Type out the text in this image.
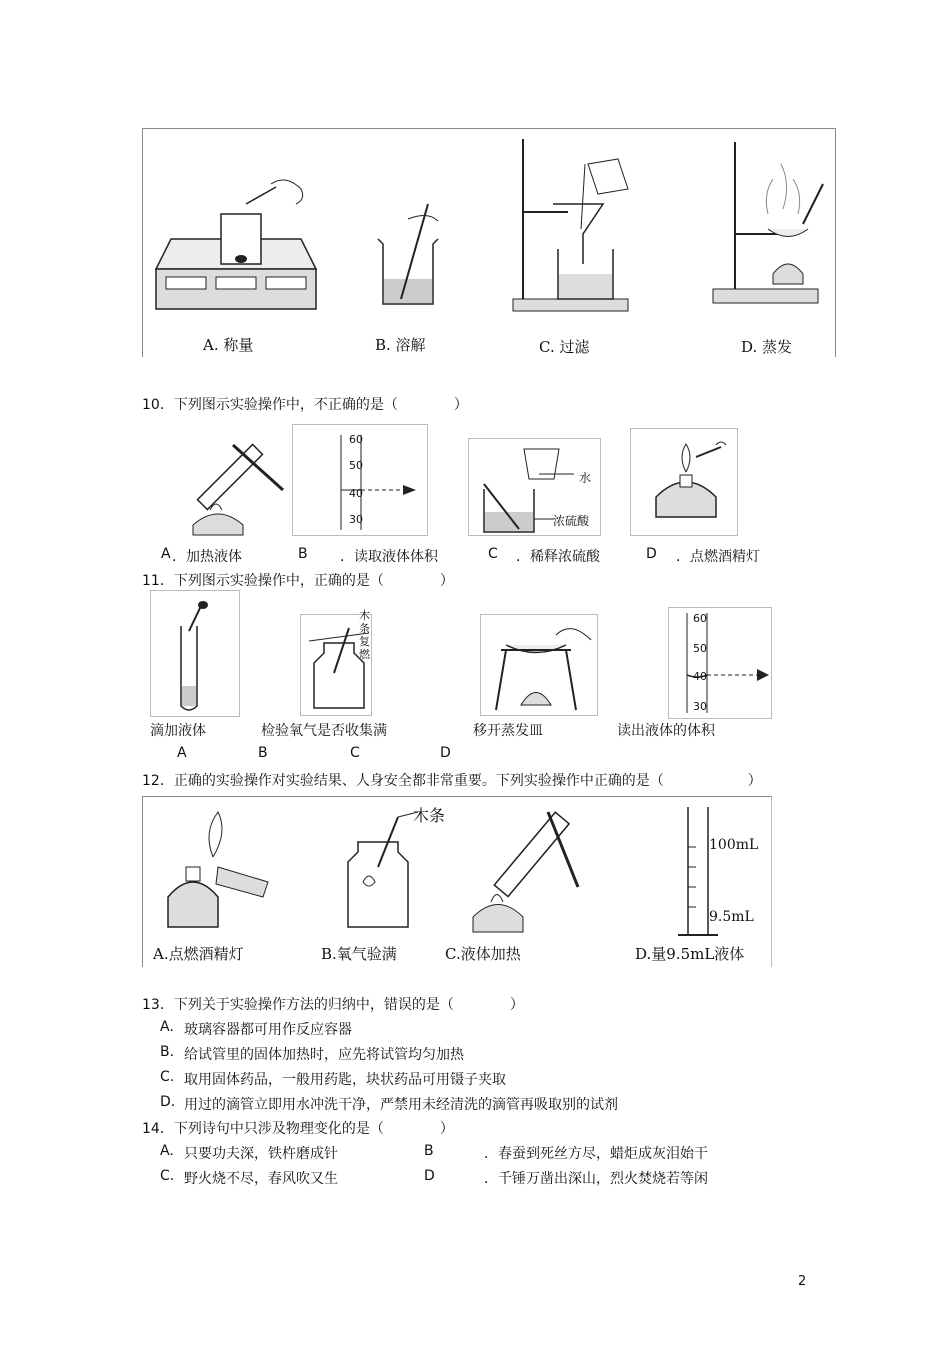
A. 称量	B. 溶解	C. 过滤	D. 蒸发
10．下列图示实验操作中，不正确的是（　　　　）
60
50
40
30
水
浓硫酸
A ．加热液体	B ．读取液体体积	C ．稀释浓硫酸	D ．点燃酒精灯
11．下列图示实验操作中，正确的是（　　　　）
木条复燃
60
50
40
30
滴加液体	检验氧气是否收集满	移开蒸发皿	读出液体的体积
A	B	C	D
12．正确的实验操作对实验结果、人身安全都非常重要。下列实验操作中正确的是（　　　　　　）
木条
100mL
9.5mL
A.点燃酒精灯	B.氧气验满	C.液体加热	D.量9.5mL液体
13．下列关于实验操作方法的归纳中，错误的是（　　　　）
A. 玻璃容器都可用作反应容器
B. 给试管里的固体加热时，应先将试管均匀加热
C. 取用固体药品，一般用药匙，块状药品可用镊子夹取
D. 用过的滴管立即用水冲洗干净，严禁用未经清洗的滴管再吸取别的试剂
14．下列诗句中只涉及物理变化的是（　　　　）
A. 只要功夫深，铁杵磨成针	B	．春蚕到死丝方尽，蜡炬成灰泪始干
C. 野火烧不尽，春风吹又生	D	．千锤万凿出深山，烈火焚烧若等闲
2
